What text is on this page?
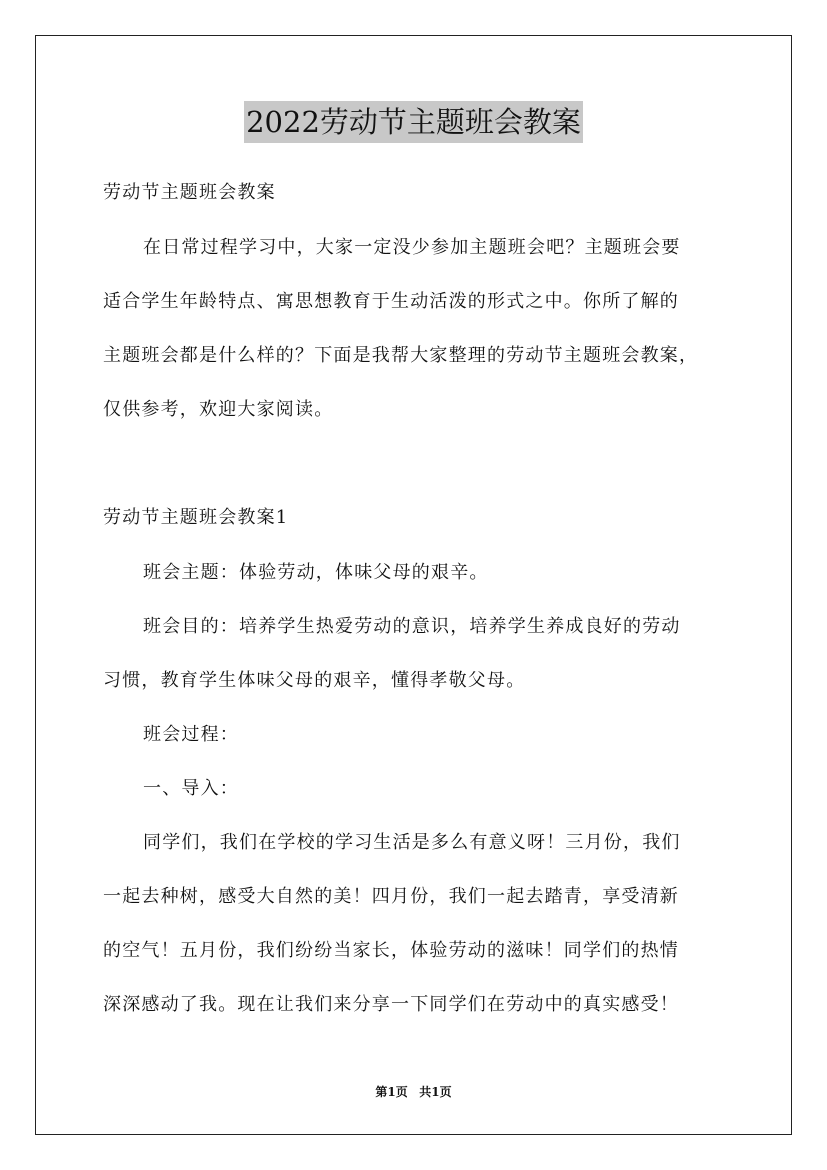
2022劳动节主题班会教案
劳动节主题班会教案
在日常过程学习中，大家一定没少参加主题班会吧？主题班会要
适合学生年龄特点、寓思想教育于生动活泼的形式之中。你所了解的
主题班会都是什么样的？下面是我帮大家整理的劳动节主题班会教案，
仅供参考，欢迎大家阅读。
劳动节主题班会教案1
班会主题：体验劳动，体味父母的艰辛。
班会目的：培养学生热爱劳动的意识，培养学生养成良好的劳动
习惯，教育学生体味父母的艰辛，懂得孝敬父母。
班会过程：
一、导入：
同学们，我们在学校的学习生活是多么有意义呀！三月份，我们
一起去种树，感受大自然的美！四月份，我们一起去踏青，享受清新
的空气！五月份，我们纷纷当家长，体验劳动的滋味！同学们的热情
深深感动了我。现在让我们来分享一下同学们在劳动中的真实感受！
第1页 共1页
